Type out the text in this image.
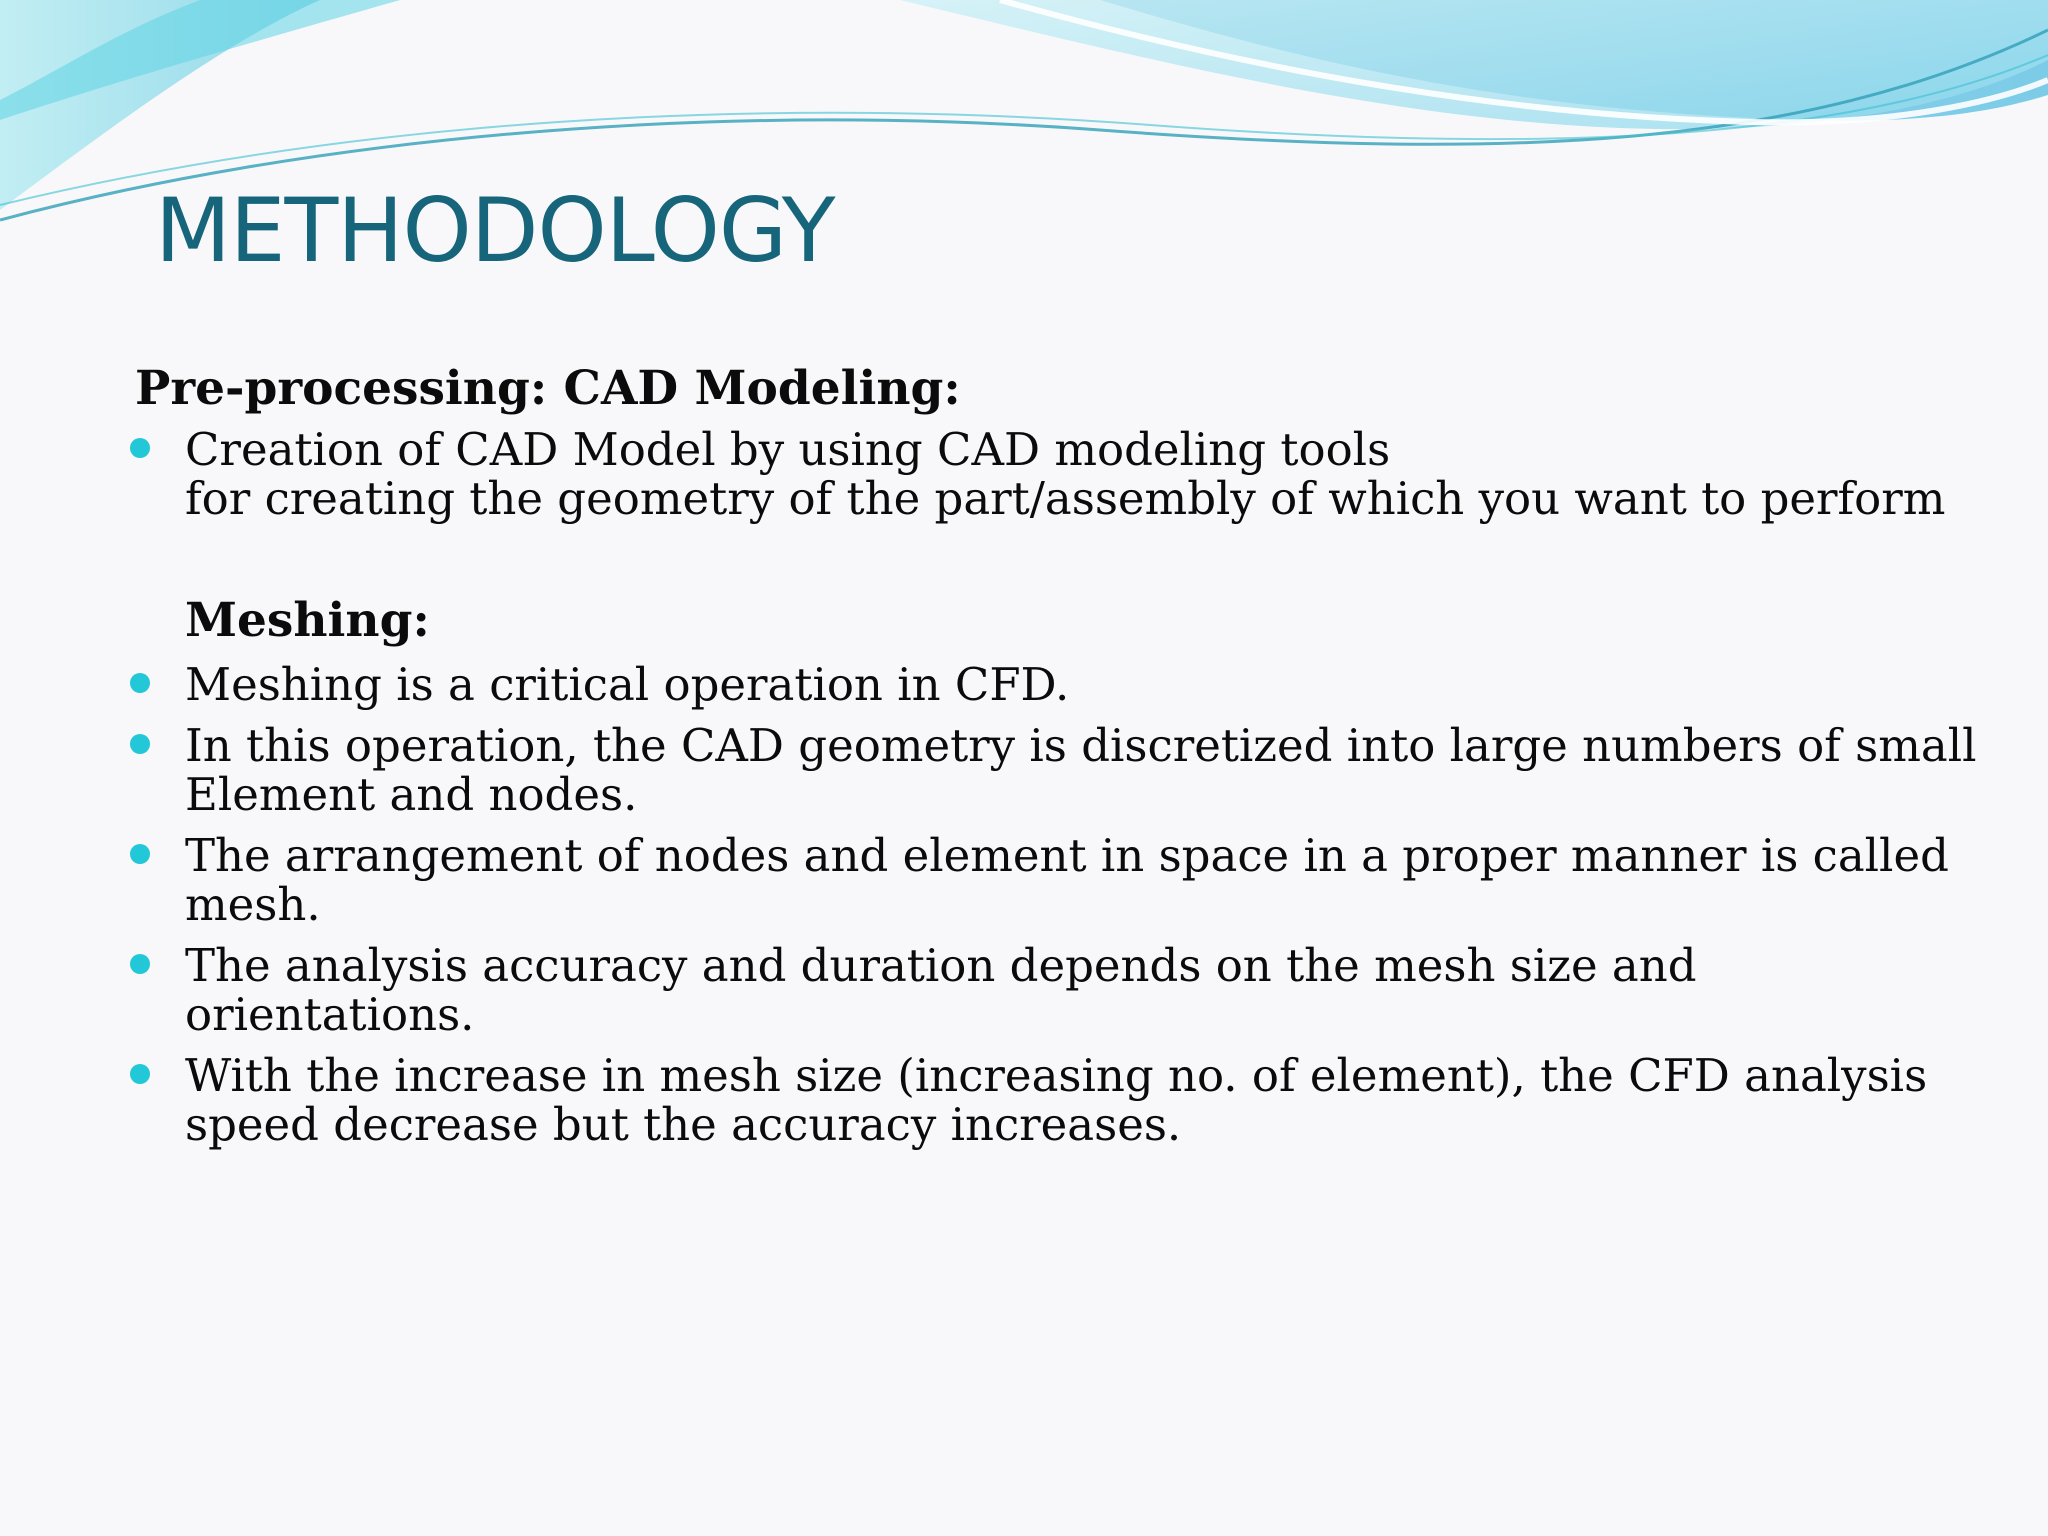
METHODOLOGY
Pre-processing: CAD Modeling:

Creation of CAD Model by using CAD modeling tools

for creating the geometry of the part/assembly of which you want to perform

Meshing:

Meshing is a critical operation in CFD.

In this operation, the CAD geometry is discretized into large numbers of small

Element and nodes.

The arrangement of nodes and element in space in a proper manner is called

mesh.

The analysis accuracy and duration depends on the mesh size and

orientations.

With the increase in mesh size (increasing no. of element), the CFD analysis

speed decrease but the accuracy increases.
